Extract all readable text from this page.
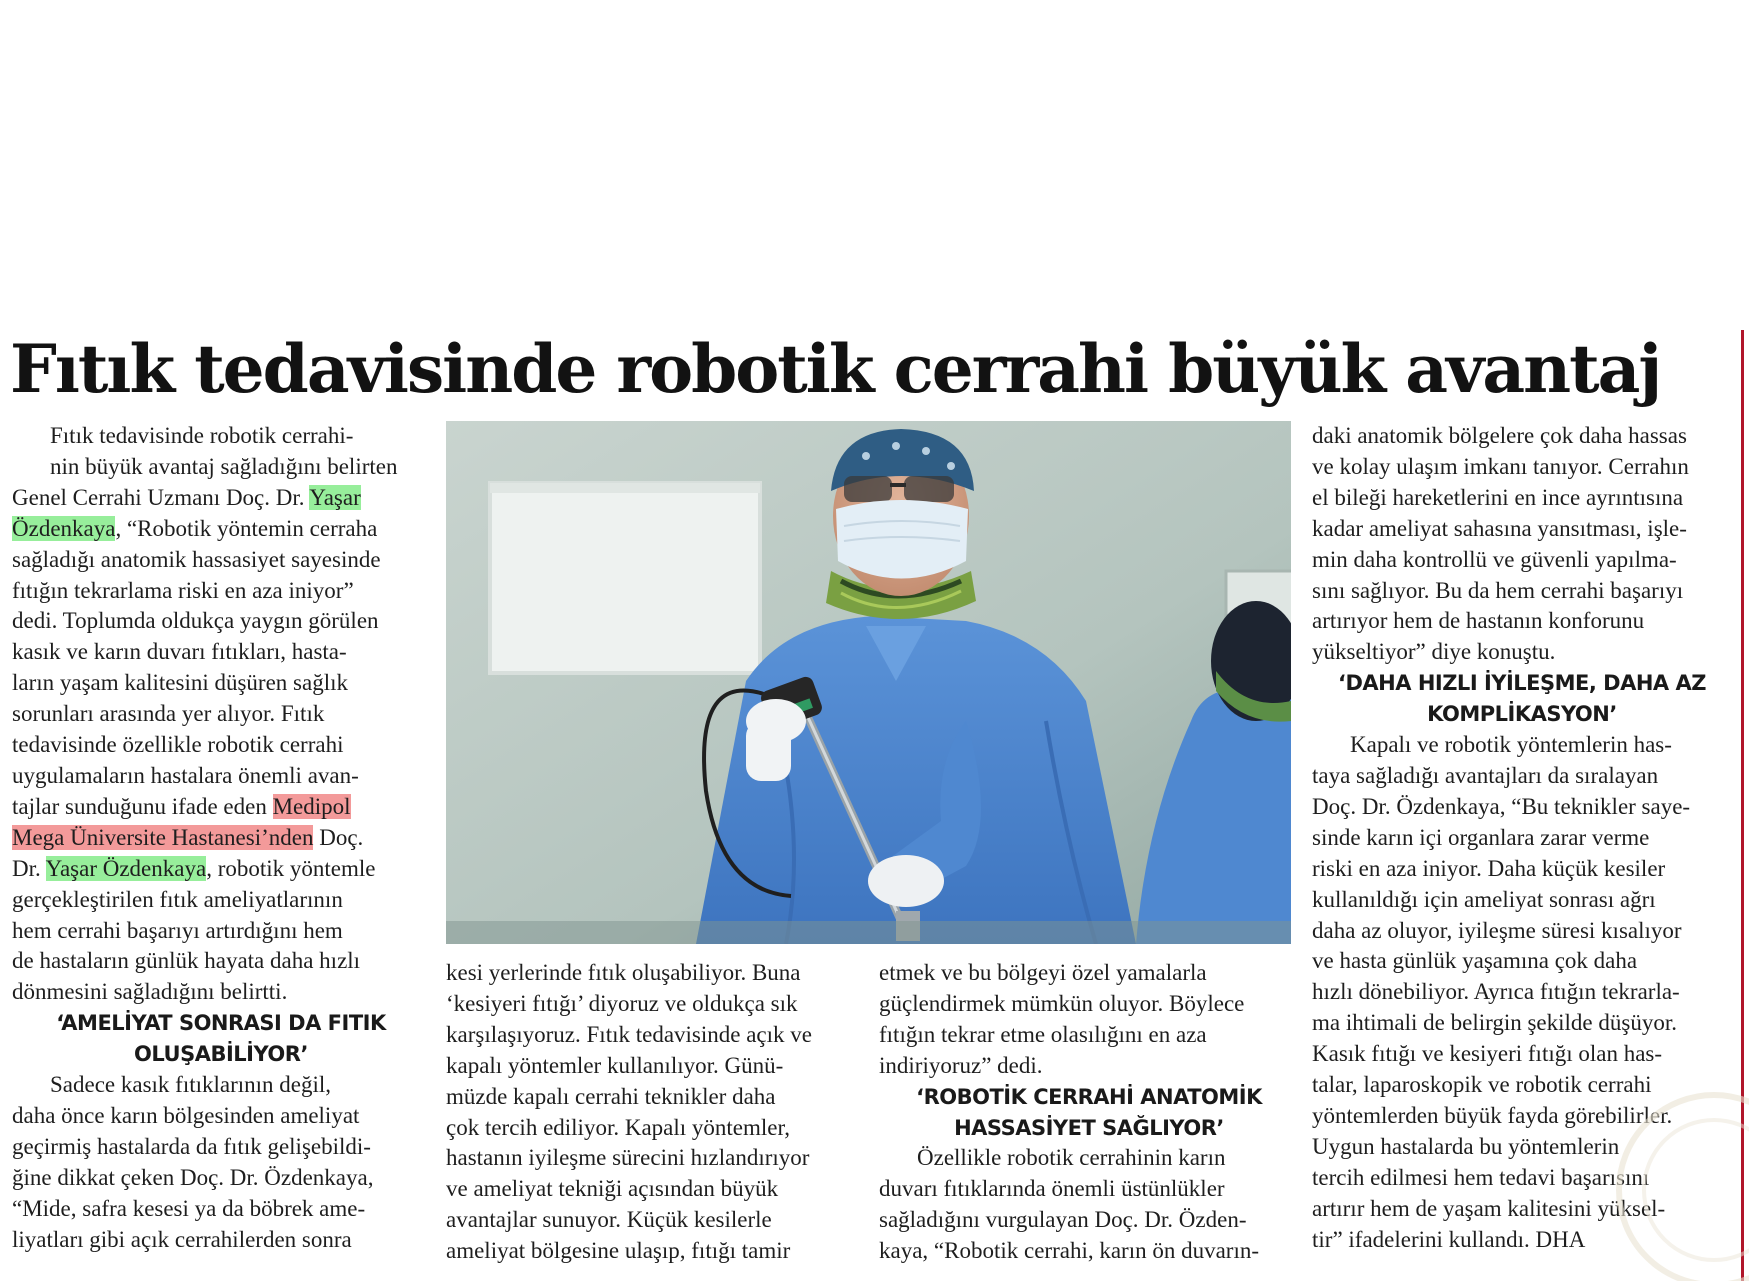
Fıtık tedavisinde robotik cerrahi büyük avantaj

Fıtık tedavisinde robotik cerrahi-
nin büyük avantaj sağladığını belirten
Genel Cerrahi Uzmanı Doç. Dr. Yaşar
Özdenkaya, “Robotik yöntemin cerraha
sağladığı anatomik hassasiyet sayesinde
fıtığın tekrarlama riski en aza iniyor”
dedi. Toplumda oldukça yaygın görülen
kasık ve karın duvarı fıtıkları, hasta-
ların yaşam kalitesini düşüren sağlık
sorunları arasında yer alıyor. Fıtık
tedavisinde özellikle robotik cerrahi
uygulamaların hastalara önemli avan-
tajlar sunduğunu ifade eden Medipol
Mega Üniversite Hastanesi’nden Doç.
Dr. Yaşar Özdenkaya, robotik yöntemle
gerçekleştirilen fıtık ameliyatlarının
hem cerrahi başarıyı artırdığını hem
de hastaların günlük hayata daha hızlı
dönmesini sağladığını belirtti.

‘AMELİYAT SONRASI DA FITIK
OLUŞABİLİYOR’

Sadece kasık fıtıklarının değil,
daha önce karın bölgesinden ameliyat
geçirmiş hastalarda da fıtık gelişebildi-
ğine dikkat çeken Doç. Dr. Özdenkaya,
“Mide, safra kesesi ya da böbrek ame-
liyatları gibi açık cerrahilerden sonra

kesi yerlerinde fıtık oluşabiliyor. Buna
‘kesiyeri fıtığı’ diyoruz ve oldukça sık
karşılaşıyoruz. Fıtık tedavisinde açık ve
kapalı yöntemler kullanılıyor. Günü-
müzde kapalı cerrahi teknikler daha
çok tercih ediliyor. Kapalı yöntemler,
hastanın iyileşme sürecini hızlandırıyor
ve ameliyat tekniği açısından büyük
avantajlar sunuyor. Küçük kesilerle
ameliyat bölgesine ulaşıp, fıtığı tamir

etmek ve bu bölgeyi özel yamalarla
güçlendirmek mümkün oluyor. Böylece
fıtığın tekrar etme olasılığını en aza
indiriyoruz” dedi.

‘ROBOTİK CERRAHİ ANATOMİK
HASSASİYET SAĞLIYOR’

Özellikle robotik cerrahinin karın
duvarı fıtıklarında önemli üstünlükler
sağladığını vurgulayan Doç. Dr. Özden-
kaya, “Robotik cerrahi, karın ön duvarın-

daki anatomik bölgelere çok daha hassas
ve kolay ulaşım imkanı tanıyor. Cerrahın
el bileği hareketlerini en ince ayrıntısına
kadar ameliyat sahasına yansıtması, işle-
min daha kontrollü ve güvenli yapılma-
sını sağlıyor. Bu da hem cerrahi başarıyı
artırıyor hem de hastanın konforunu
yükseltiyor” diye konuştu.

‘DAHA HIZLI İYİLEŞME, DAHA AZ
KOMPLİKASYON’

Kapalı ve robotik yöntemlerin has-
taya sağladığı avantajları da sıralayan
Doç. Dr. Özdenkaya, “Bu teknikler saye-
sinde karın içi organlara zarar verme
riski en aza iniyor. Daha küçük kesiler
kullanıldığı için ameliyat sonrası ağrı
daha az oluyor, iyileşme süresi kısalıyor
ve hasta günlük yaşamına çok daha
hızlı dönebiliyor. Ayrıca fıtığın tekrarla-
ma ihtimali de belirgin şekilde düşüyor.
Kasık fıtığı ve kesiyeri fıtığı olan has-
talar, laparoskopik ve robotik cerrahi
yöntemlerden büyük fayda görebilirler.
Uygun hastalarda bu yöntemlerin
tercih edilmesi hem tedavi başarısını
artırır hem de yaşam kalitesini yüksel-
tir” ifadelerini kullandı. DHA
